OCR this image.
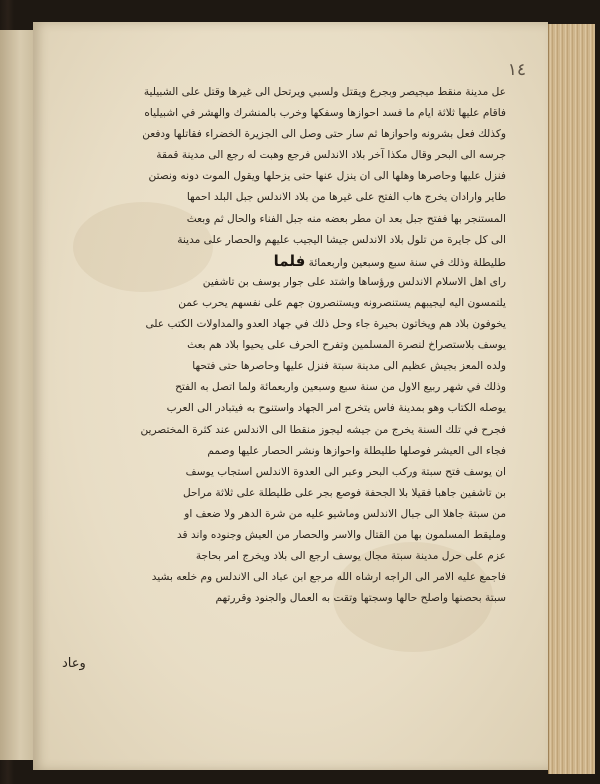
١٤
عل مدينة منقط ميجيصر وبجرع ويقتل ولسبي ويرتحل الى غيرها وقتل على الشبيلية
فاقام عليها ثلاثة ايام ما فسد احوازها وسفكها وخرب بالمنشرك والهشر في اشبيلياه
وكذلك فعل بشرونه واحوازها ثم سار حتى وصل الى الجزيرة الخضراء فقاتلها ودفعن
جرسه الى البحر وقال مكذا آخر بلاد الاندلس فرجع وهبت له رجع الى مدينة قمقة
فنزل عليها وحاصرها وهلها الى ان ينزل عنها حتى يزحلها ويقول الموت دونه ونصتن
طاير وارادان يخرج هاب الفتح على غيرها من بلاد الاندلس جبل البلد احمها
المستنجر بها ففتح جبل بعد ان مطر بعضه منه جبل الفناء والحال ثم وبعث
الى كل جايرة من تلول بلاد الاندلس جيشا اليجيب عليهم والحصار على مدينة
طليطلة وذلك في سنة سبع وسبعين واربعمائة فلما
راى اهل الاسلام الاندلس ورؤساها واشتد على جوار يوسف بن تاشفين
يلتمسون اليه ليجيبهم يستنصرونه ويستنصرون جهم على نفسهم يحرب عمن
يخوفون بلاد هم ويخاتون بحيرة جاء وحل ذلك في جهاد العدو والمداولات الكتب على
يوسف بلاستصراخ لنصرة المسلمين وتفرح الحرف على يحيوا بلاد هم بعث
ولده المعز بجيش عظيم الى مدينة سبتة فنزل عليها وحاصرها حتى فتحها
وذلك في شهر ربيع الاول من سنة سبع وسبعين واربعمائة ولما اتصل به الفتح
يوصله الكتاب وهو بمدينة فاس يتخرج امر الجهاد واستنوح به فيتبادر الى العرب
فجرح في تلك السنة يخرج من جيشه ليجوز منقطا الى الاندلس عند كثرة المختصرين
فجاء الى العيشر فوصلها طليطلة واحوازها ونشر الحصار عليها وصمم
ان يوسف فتح سبتة وركب البحر وعبر الى العدوة الاندلس استجاب يوسف
بن تاشفين جاهبا فقيلا بلا الجحفة فوصع بجر على طليطلة على ثلاثة مراحل
من سبتة جاهلا الى جبال الاندلس وماشيو عليه من شرة الدهر ولا ضعف او
ومليقط المسلمون بها من القتال والاسر والحصار من العيش وجنوده واند قد
عزم على حرل مدينة سبتة مجال يوسف ارجع الى بلاد ويخرج امر بحاجة
فاجمع عليه الامر الى الراجه ارشاه الله مرجع ابن عباد الى الاندلس وم خلعه بشيد
سبتة بحصنها واصلح حالها وسجتها وتقت به العمال والجنود وقررتهم
وعاد
